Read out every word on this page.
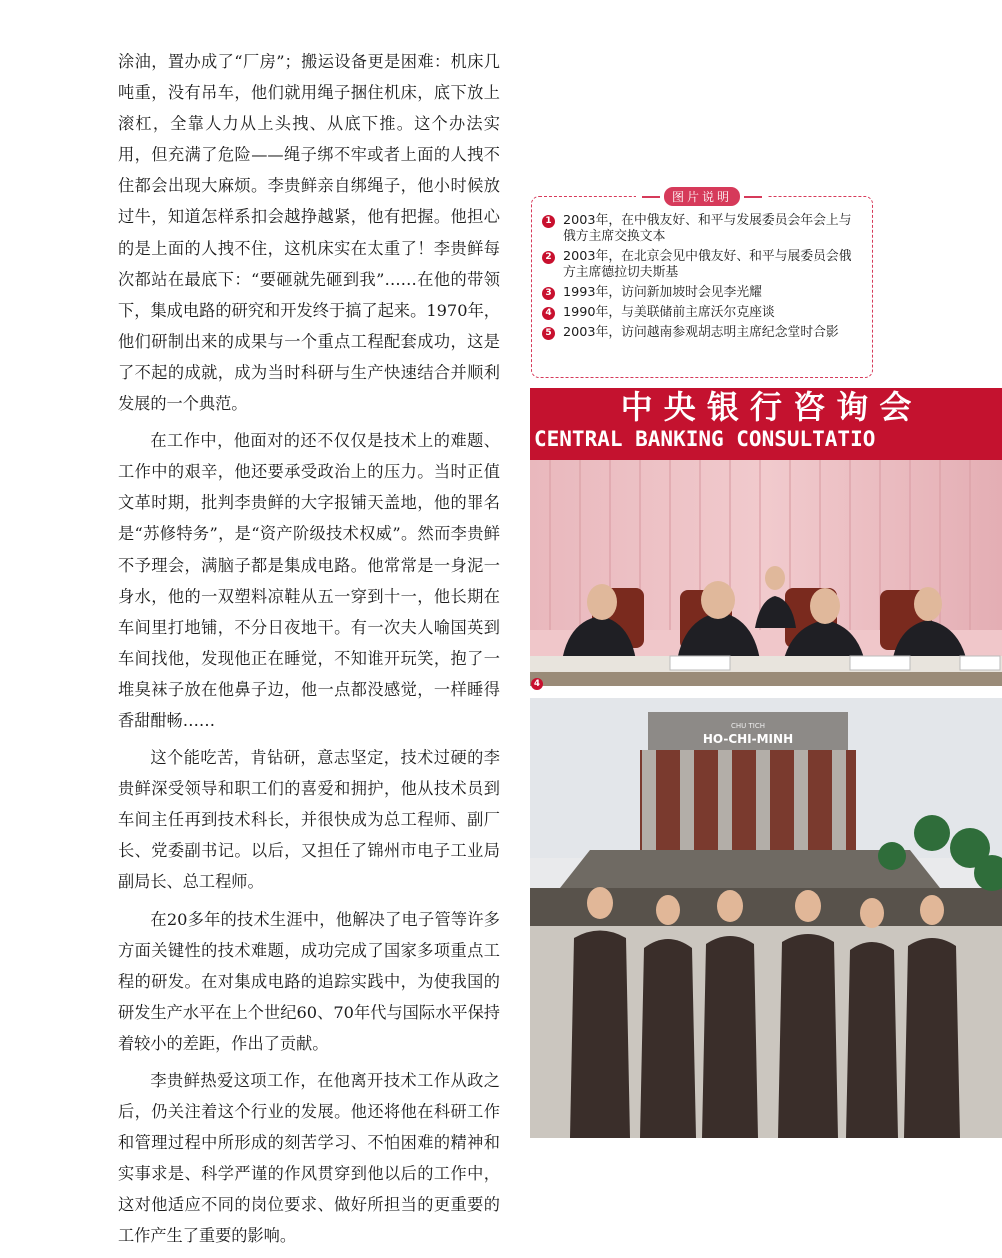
涂油，置办成了“厂房”；搬运设备更是困难：机床几吨重，没有吊车，他们就用绳子捆住机床，底下放上滚杠，全靠人力从上头拽、从底下推。这个办法实用，但充满了危险——绳子绑不牢或者上面的人拽不住都会出现大麻烦。李贵鲜亲自绑绳子，他小时候放过牛，知道怎样系扣会越挣越紧，他有把握。他担心的是上面的人拽不住，这机床实在太重了！李贵鲜每次都站在最底下：“要砸就先砸到我”……在他的带领下，集成电路的研究和开发终于搞了起来。1970年，他们研制出来的成果与一个重点工程配套成功，这是了不起的成就，成为当时科研与生产快速结合并顺利发展的一个典范。

在工作中，他面对的还不仅仅是技术上的难题、工作中的艰辛，他还要承受政治上的压力。当时正值文革时期，批判李贵鲜的大字报铺天盖地，他的罪名是“苏修特务”，是“资产阶级技术权威”。然而李贵鲜不予理会，满脑子都是集成电路。他常常是一身泥一身水，他的一双塑料凉鞋从五一穿到十一，他长期在车间里打地铺，不分日夜地干。有一次夫人喻国英到车间找他，发现他正在睡觉，不知谁开玩笑，抱了一堆臭袜子放在他鼻子边，他一点都没感觉，一样睡得香甜酣畅……

这个能吃苦，肯钻研，意志坚定，技术过硬的李贵鲜深受领导和职工们的喜爱和拥护，他从技术员到车间主任再到技术科长，并很快成为总工程师、副厂长、党委副书记。以后，又担任了锦州市电子工业局副局长、总工程师。

在20多年的技术生涯中，他解决了电子管等许多方面关键性的技术难题，成功完成了国家多项重点工程的研发。在对集成电路的追踪实践中，为使我国的研发生产水平在上个世纪60、70年代与国际水平保持着较小的差距，作出了贡献。

李贵鲜热爱这项工作，在他离开技术工作从政之后，仍关注着这个行业的发展。他还将他在科研工作和管理过程中所形成的刻苦学习、不怕困难的精神和实事求是、科学严谨的作风贯穿到他以后的工作中，这对他适应不同的岗位要求、做好所担当的更重要的工作产生了重要的影响。

图片说明
1 2003年，在中俄友好、和平与发展委员会年会上与俄方主席交换文本
2 2003年，在北京会见中俄友好、和平与展委员会俄方主席德拉切夫斯基
3 1993年，访问新加坡时会见李光耀
4 1990年，与美联储前主席沃尔克座谈
5 2003年，访问越南参观胡志明主席纪念堂时合影
中 央 银 行 咨 询 会
CENTRAL BANKING CONSULTATIO
4
CHU TICH
HO-CHI-MINH
